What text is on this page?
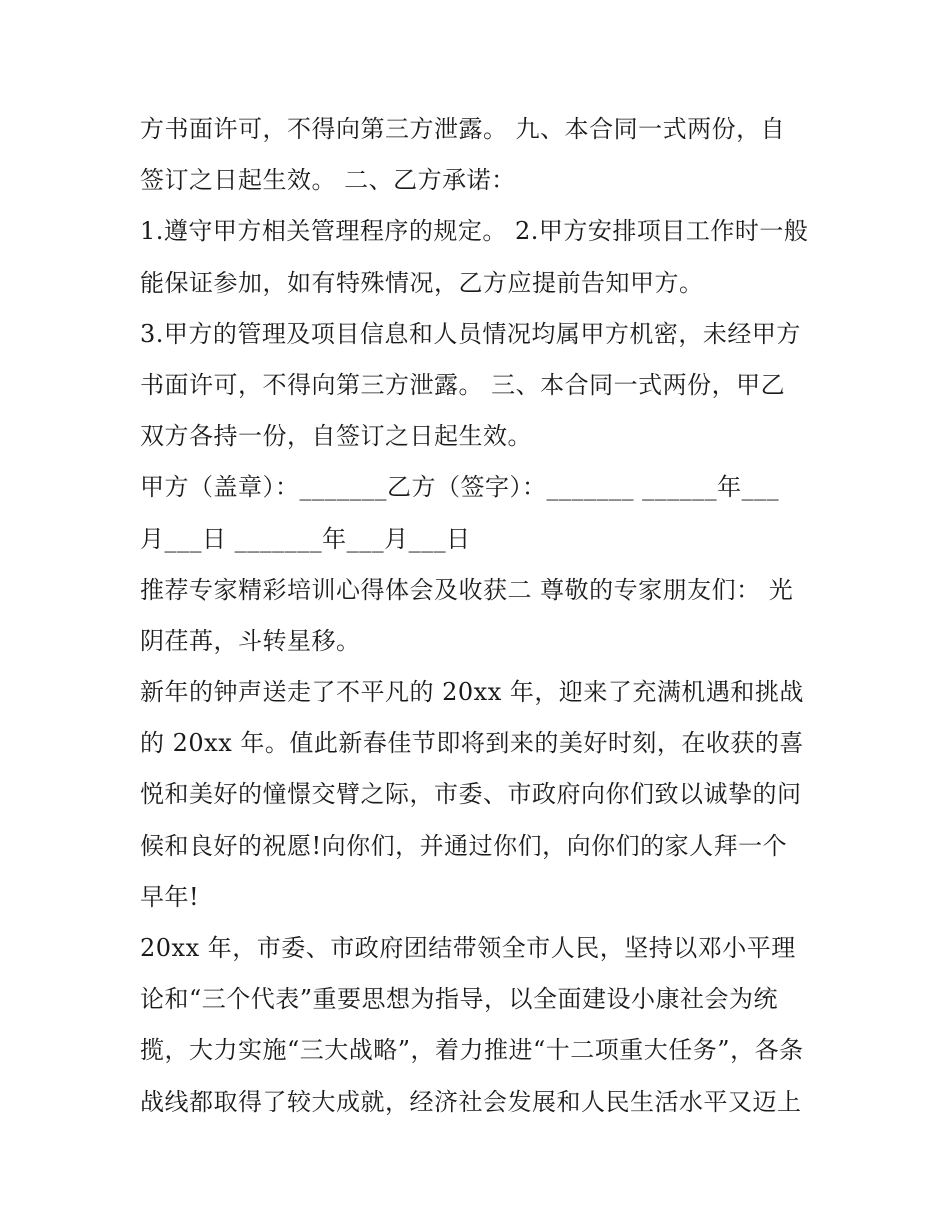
方书面许可，不得向第三方泄露。 九、本合同一式两份，自
签订之日起生效。 二、乙方承诺：
1.遵守甲方相关管理程序的规定。 2.甲方安排项目工作时一般
能保证参加，如有特殊情况，乙方应提前告知甲方。
3.甲方的管理及项目信息和人员情况均属甲方机密，未经甲方
书面许可，不得向第三方泄露。 三、本合同一式两份，甲乙
双方各持一份，自签订之日起生效。
甲方（盖章）：_______乙方（签字）：_______ ______年___
月___日 _______年___月___日
推荐专家精彩培训心得体会及收获二 尊敬的专家朋友们： 光
阴荏苒，斗转星移。
新年的钟声送走了不平凡的 20xx 年，迎来了充满机遇和挑战
的 20xx 年。值此新春佳节即将到来的美好时刻，在收获的喜
悦和美好的憧憬交臂之际，市委、市政府向你们致以诚挚的问
候和良好的祝愿!向你们，并通过你们，向你们的家人拜一个
早年!
20xx 年，市委、市政府团结带领全市人民，坚持以邓小平理
论和“三个代表”重要思想为指导，以全面建设小康社会为统
揽，大力实施“三大战略”，着力推进“十二项重大任务”，各条
战线都取得了较大成就，经济社会发展和人民生活水平又迈上
